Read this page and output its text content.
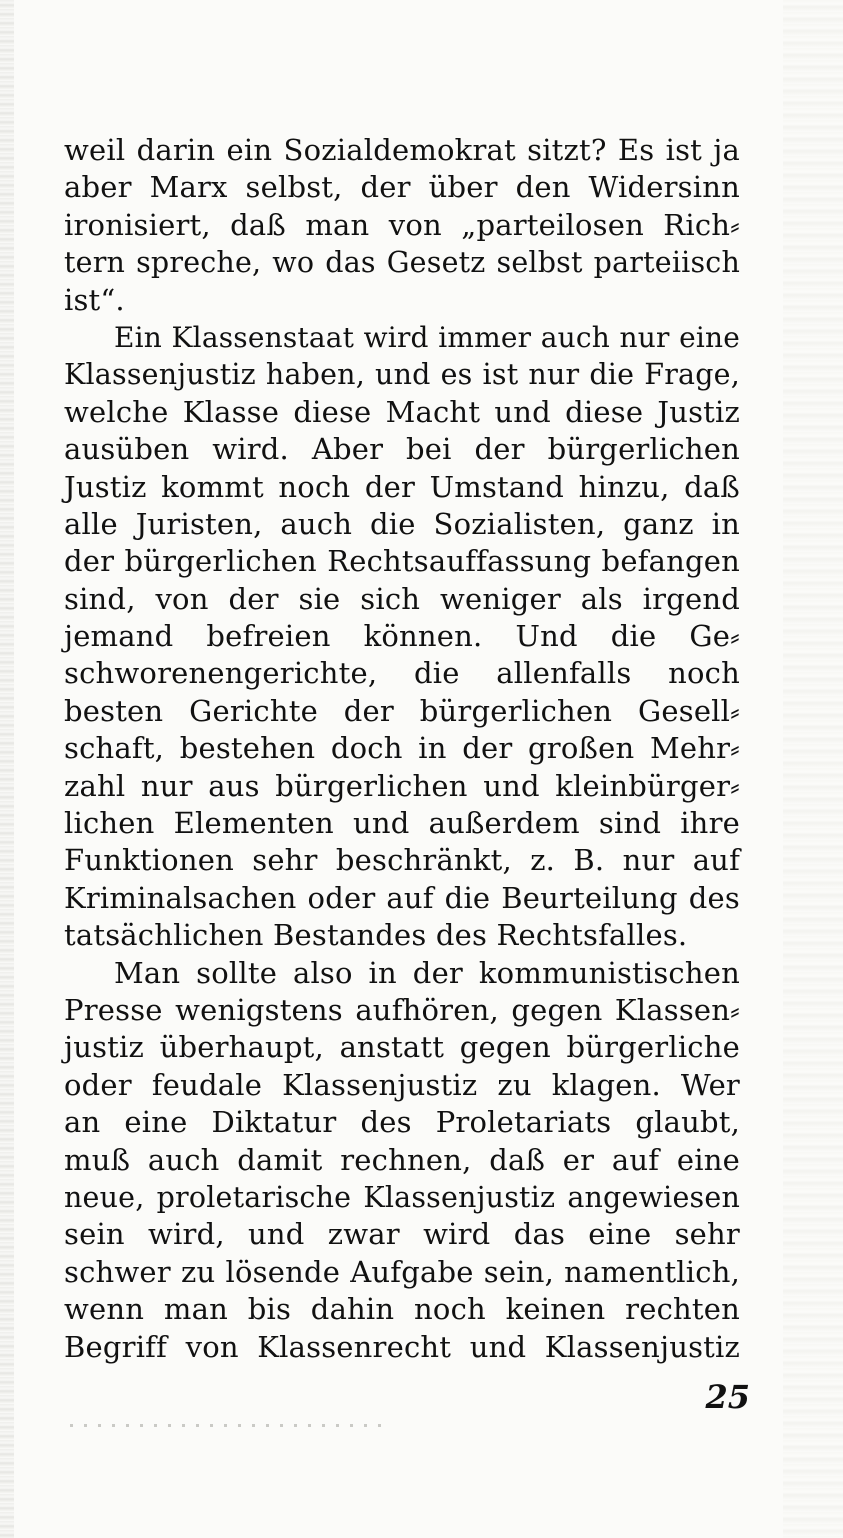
weil darin ein Sozialdemokrat sitzt? Es ist ja
aber Marx selbst, der über den Widersinn
ironisiert, daß man von „parteilosen Rich⸗
tern spreche, wo das Gesetz selbst parteiisch
ist“.
Ein Klassenstaat wird immer auch nur eine
Klassenjustiz haben, und es ist nur die Frage,
welche Klasse diese Macht und diese Justiz
ausüben wird. Aber bei der bürgerlichen
Justiz kommt noch der Umstand hinzu, daß
alle Juristen, auch die Sozialisten, ganz in
der bürgerlichen Rechtsauffassung befangen
sind, von der sie sich weniger als irgend
jemand befreien können. Und die Ge⸗
schworenengerichte, die allenfalls noch
besten Gerichte der bürgerlichen Gesell⸗
schaft, bestehen doch in der großen Mehr⸗
zahl nur aus bürgerlichen und kleinbürger⸗
lichen Elementen und außerdem sind ihre
Funktionen sehr beschränkt, z. B. nur auf
Kriminalsachen oder auf die Beurteilung des
tatsächlichen Bestandes des Rechtsfalles.
Man sollte also in der kommunistischen
Presse wenigstens aufhören, gegen Klassen⸗
justiz überhaupt, anstatt gegen bürgerliche
oder feudale Klassenjustiz zu klagen. Wer
an eine Diktatur des Proletariats glaubt,
muß auch damit rechnen, daß er auf eine
neue, proletarische Klassenjustiz angewiesen
sein wird, und zwar wird das eine sehr
schwer zu lösende Aufgabe sein, namentlich,
wenn man bis dahin noch keinen rechten
Begriff von Klassenrecht und Klassenjustiz
25
